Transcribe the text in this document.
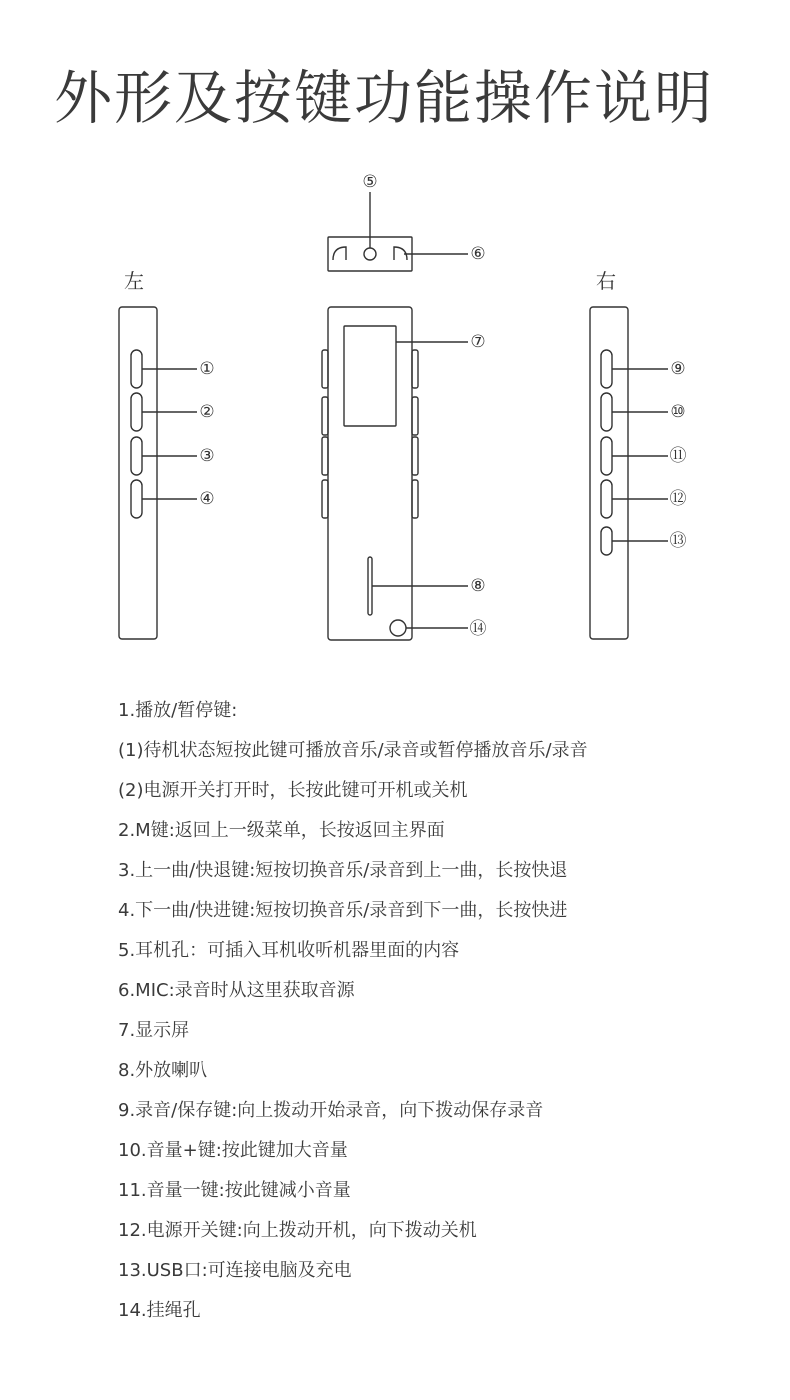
外形及按键功能操作说明
左	右
①
②
③
④
⑤
⑥
⑦
⑧
⑭
⑨
⑩
⑪
⑫
⑬
1.播放/暂停键:
(1)待机状态短按此键可播放音乐/录音或暂停播放音乐/录音
(2)电源开关打开时，长按此键可开机或关机
2.M键:返回上一级菜单，长按返回主界面
3.上一曲/快退键:短按切换音乐/录音到上一曲，长按快退
4.下一曲/快进键:短按切换音乐/录音到下一曲，长按快进
5.耳机孔：可插入耳机收听机器里面的内容
6.MIC:录音时从这里获取音源
7.显示屏
8.外放喇叭
9.录音/保存键:向上拨动开始录音，向下拨动保存录音
10.音量+键:按此键加大音量
11.音量一键:按此键减小音量
12.电源开关键:向上拨动开机，向下拨动关机
13.USB口:可连接电脑及充电
14.挂绳孔
